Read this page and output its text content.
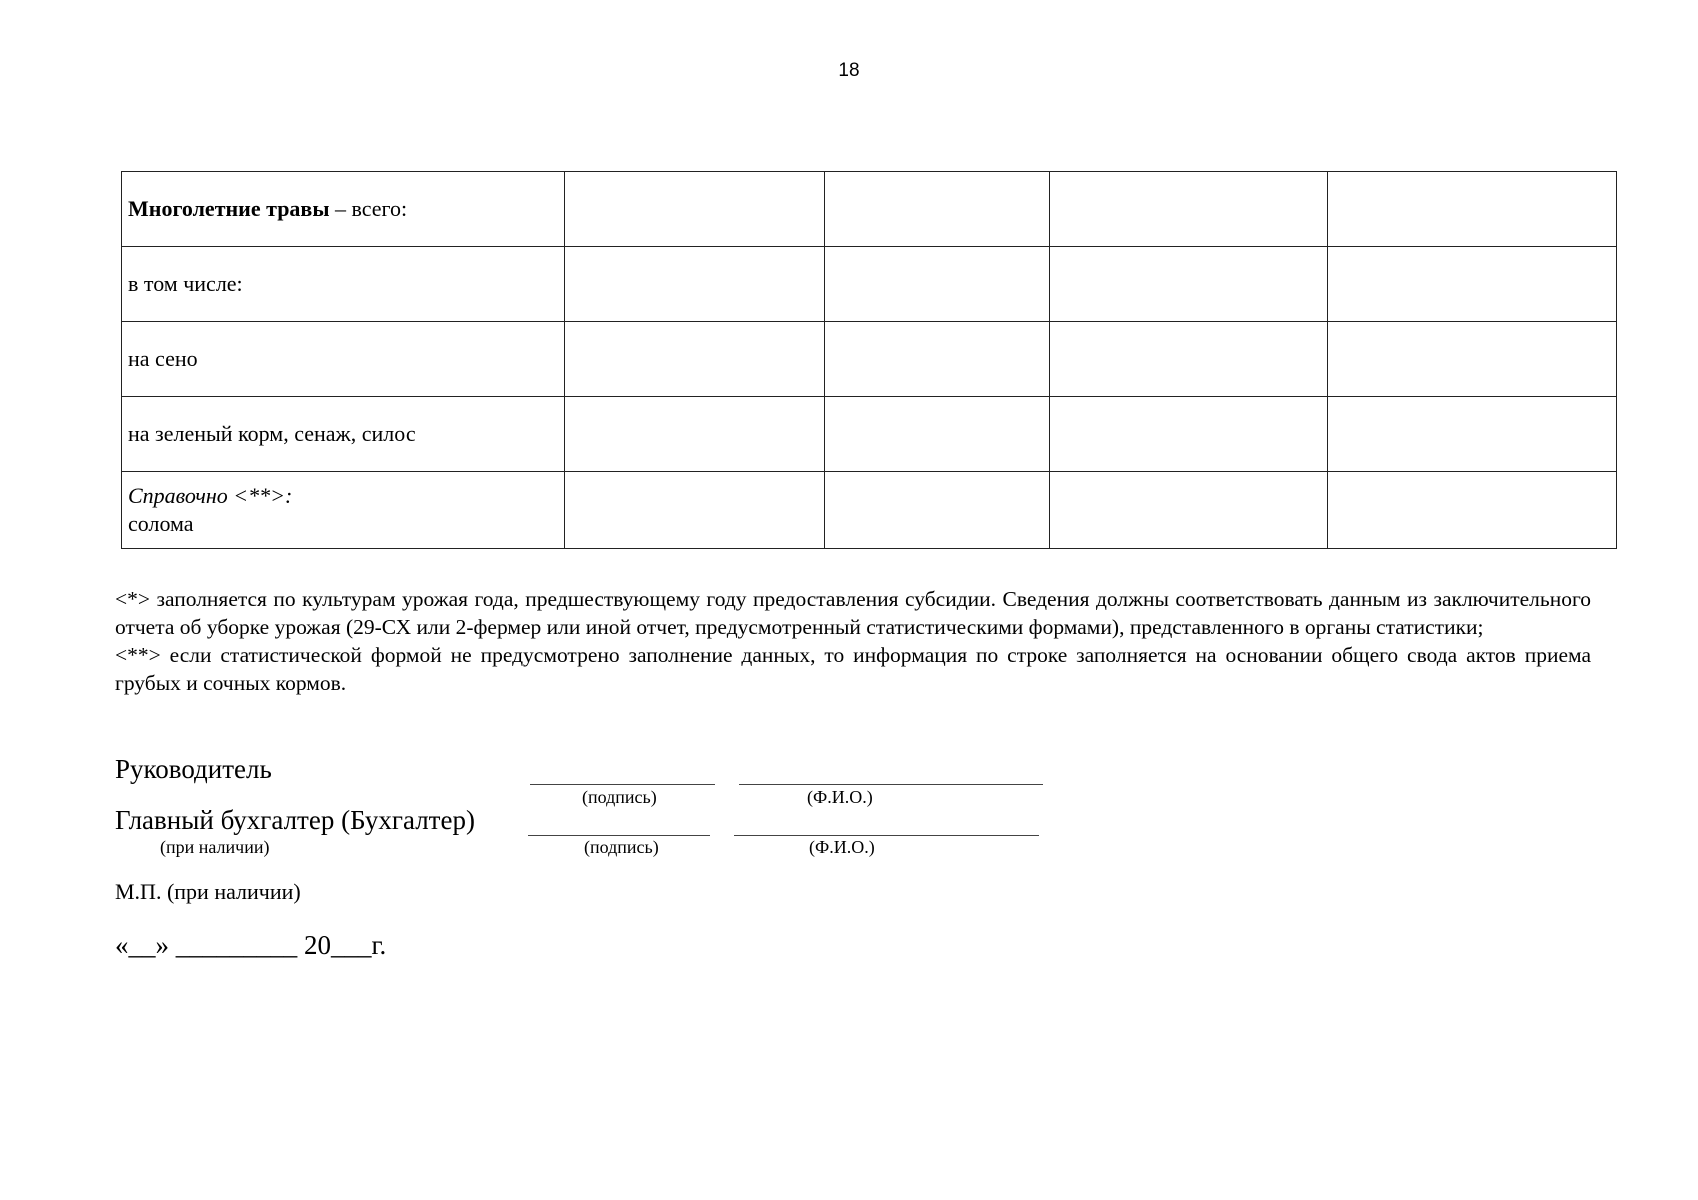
18
Многолетние травы – всего:				
в том числе:				
на сено				
на зеленый корм, сенаж, силос				
Справочно <**>:
солома				

<*> заполняется по культурам урожая года, предшествующему году предоставления субсидии. Сведения должны соответствовать данным из заключительного отчета об уборке урожая (29-СХ или 2-фермер или иной отчет, предусмотренный статистическими формами), представленного в органы статистики;

<**> если статистической формой не предусмотрено заполнение данных, то информация по строке заполняется на основании общего свода актов приема грубых и сочных кормов.

Руководитель
(подпись)	(Ф.И.О.)
Главный бухгалтер (Бухгалтер)
(при наличии)	(подпись)	(Ф.И.О.)
М.П. (при наличии)
«__» _________ 20___г.
